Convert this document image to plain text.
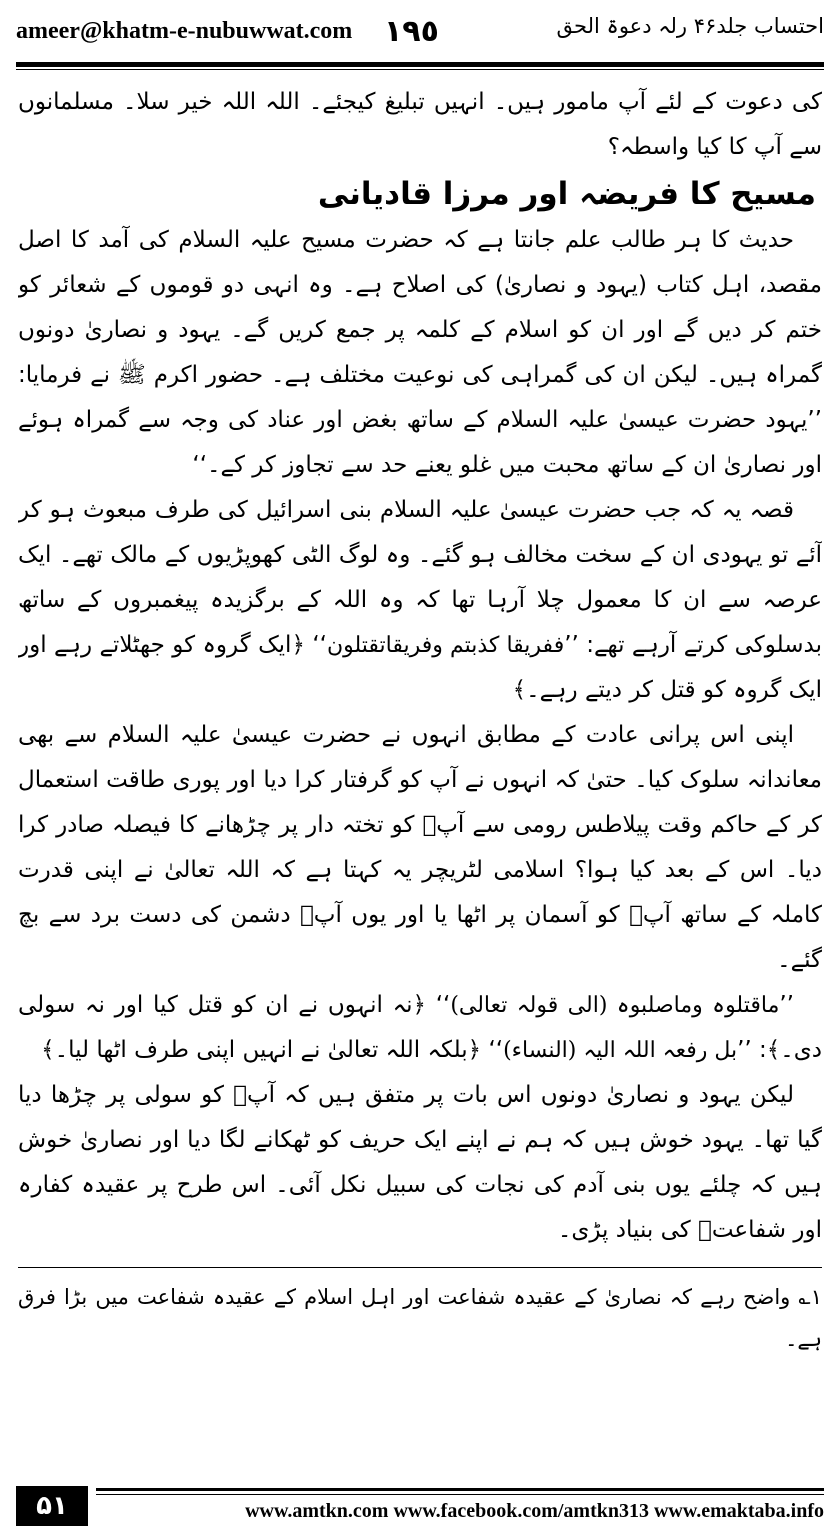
ameer@khatm-e-nubuwwat.com ١٩٥	احتساب جلد۴۶ رلہ دعوۃ الحق

کی دعوت کے لئے آپ مامور ہیں۔ انہیں تبلیغ کیجئے۔ اللہ اللہ خیر سلا۔ مسلمانوں سے آپ کا کیا واسطہ؟

مسیح کا فریضہ اور مرزا قادیانی

حدیث کا ہر طالب علم جانتا ہے کہ حضرت مسیح علیہ السلام کی آمد کا اصل مقصد، اہل کتاب (یہود و نصاریٰ) کی اصلاح ہے۔ وہ انہی دو قوموں کے شعائر کو ختم کر دیں گے اور ان کو اسلام کے کلمہ پر جمع کریں گے۔ یہود و نصاریٰ دونوں گمراہ ہیں۔ لیکن ان کی گمراہی کی نوعیت مختلف ہے۔ حضور اکرم ﷺ نے فرمایا: ’’یہود حضرت عیسیٰ علیہ السلام کے ساتھ بغض اور عناد کی وجہ سے گمراہ ہوئے اور نصاریٰ ان کے ساتھ محبت میں غلو یعنے حد سے تجاوز کر کے۔‘‘

قصہ یہ کہ جب حضرت عیسیٰ علیہ السلام بنی اسرائیل کی طرف مبعوث ہو کر آئے تو یہودی ان کے سخت مخالف ہو گئے۔ وہ لوگ الٹی کھوپڑیوں کے مالک تھے۔ ایک عرصہ سے ان کا معمول چلا آرہا تھا کہ وہ اللہ کے برگزیدہ پیغمبروں کے ساتھ بدسلوکی کرتے آرہے تھے: ’’ففریقا کذبتم وفریقاتقتلون‘‘ ﴿ایک گروہ کو جھٹلاتے رہے اور ایک گروہ کو قتل کر دیتے رہے۔﴾

اپنی اس پرانی عادت کے مطابق انہوں نے حضرت عیسیٰ علیہ السلام سے بھی معاندانہ سلوک کیا۔ حتیٰ کہ انہوں نے آپ کو گرفتار کرا دیا اور پوری طاقت استعمال کر کے حاکم وقت پیلاطس رومی سے آپؑ کو تختہ دار پر چڑھانے کا فیصلہ صادر کرا دیا۔ اس کے بعد کیا ہوا؟ اسلامی لٹریچر یہ کہتا ہے کہ اللہ تعالیٰ نے اپنی قدرت کاملہ کے ساتھ آپؑ کو آسمان پر اٹھا یا اور یوں آپؑ دشمن کی دست برد سے بچ گئے۔

’’ماقتلوہ وماصلبوہ (الی قولہ تعالی)‘‘ ﴿نہ انہوں نے ان کو قتل کیا اور نہ سولی دی۔﴾: ’’بل رفعہ اللہ الیہ (النساء)‘‘ ﴿بلکہ اللہ تعالیٰ نے انہیں اپنی طرف اٹھا لیا۔﴾

لیکن یہود و نصاریٰ دونوں اس بات پر متفق ہیں کہ آپؑ کو سولی پر چڑھا دیا گیا تھا۔ یہود خوش ہیں کہ ہم نے اپنے ایک حریف کو ٹھکانے لگا دیا اور نصاریٰ خوش ہیں کہ چلئے یوں بنی آدم کی نجات کی سبیل نکل آئی۔ اس طرح پر عقیدہ کفارہ اور شفاعتؔ کی بنیاد پڑی۔

۱؎ واضح رہے کہ نصاریٰ کے عقیدہ شفاعت اور اہل اسلام کے عقیدہ شفاعت میں بڑا فرق ہے۔

۵۱	www.amtkn.com www.facebook.com/amtkn313 www.emaktaba.info
